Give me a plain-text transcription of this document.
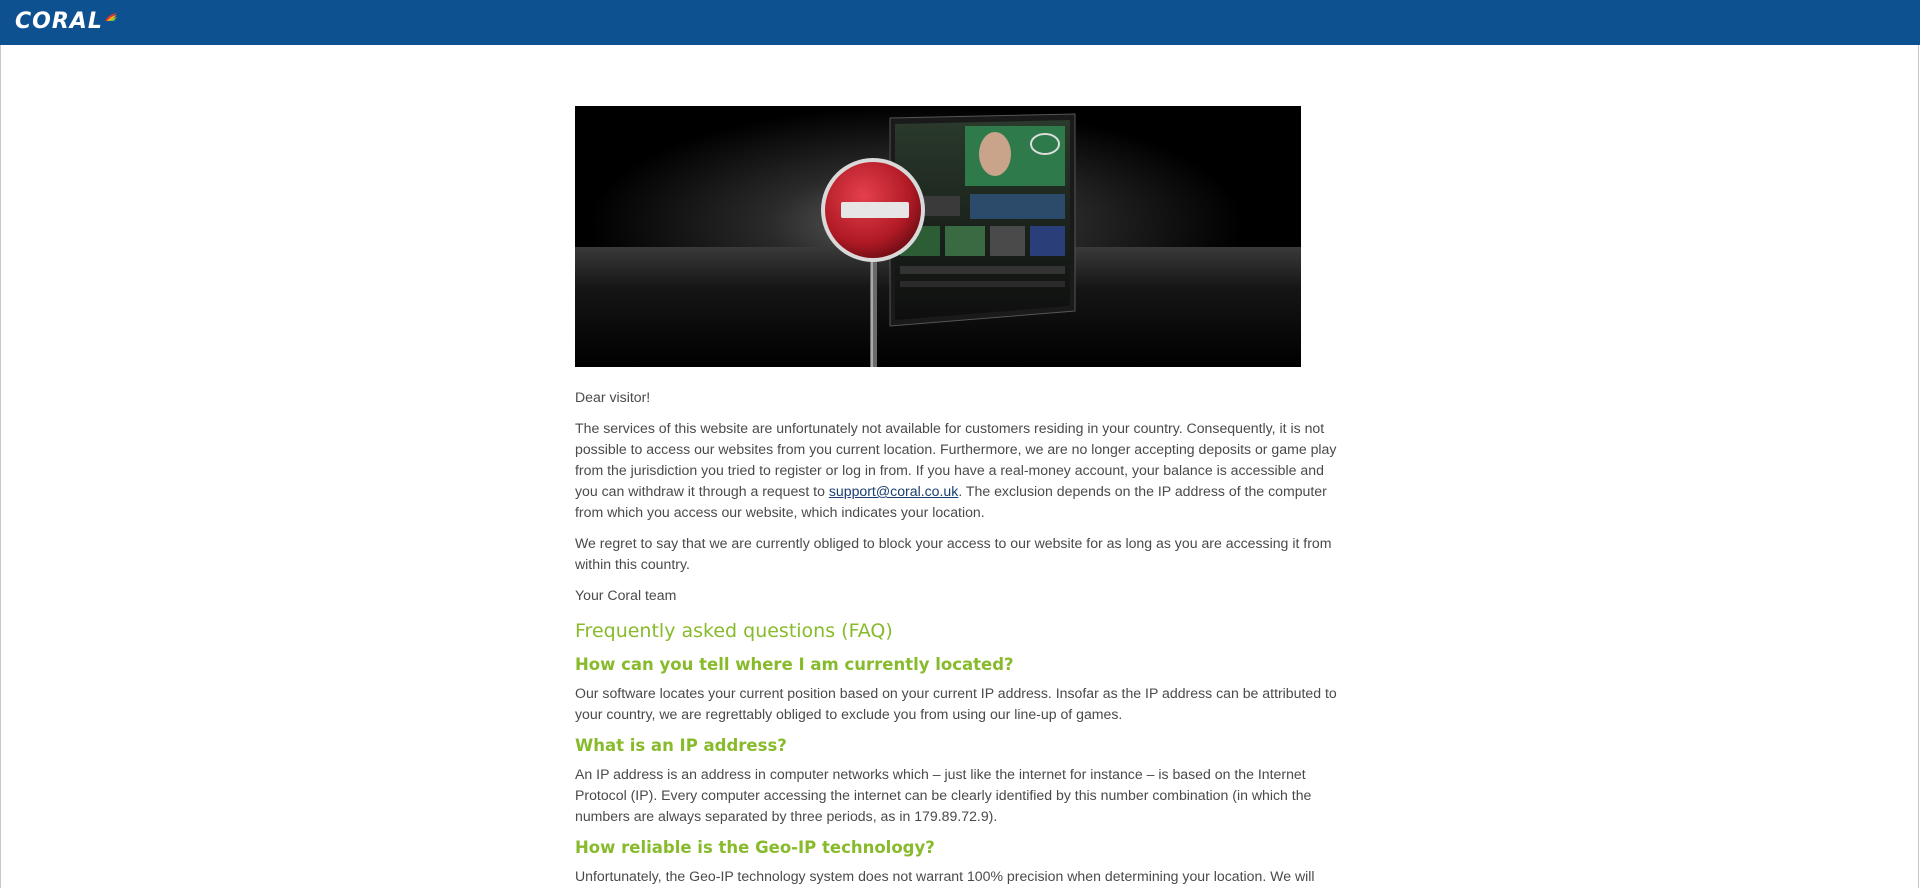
CORAL

Dear visitor!

The services of this website are unfortunately not available for customers residing in your country. Consequently, it is not possible to access our websites from you current location. Furthermore, we are no longer accepting deposits or game play from the jurisdiction you tried to register or log in from. If you have a real-money account, your balance is accessible and you can withdraw it through a request to support@coral.co.uk. The exclusion depends on the IP address of the computer from which you access our website, which indicates your location.

We regret to say that we are currently obliged to block your access to our website for as long as you are accessing it from within this country.

Your Coral team

Frequently asked questions (FAQ)
How can you tell where I am currently located?

Our software locates your current position based on your current IP address. Insofar as the IP address can be attributed to your country, we are regrettably obliged to exclude you from using our line-up of games.

What is an IP address?

An IP address is an address in computer networks which – just like the internet for instance – is based on the Internet Protocol (IP). Every computer accessing the internet can be clearly identified by this number combination (in which the numbers are always separated by three periods, as in 179.89.72.9).

How reliable is the Geo-IP technology?

Unfortunately, the Geo-IP technology system does not warrant 100% precision when determining your location. We will
